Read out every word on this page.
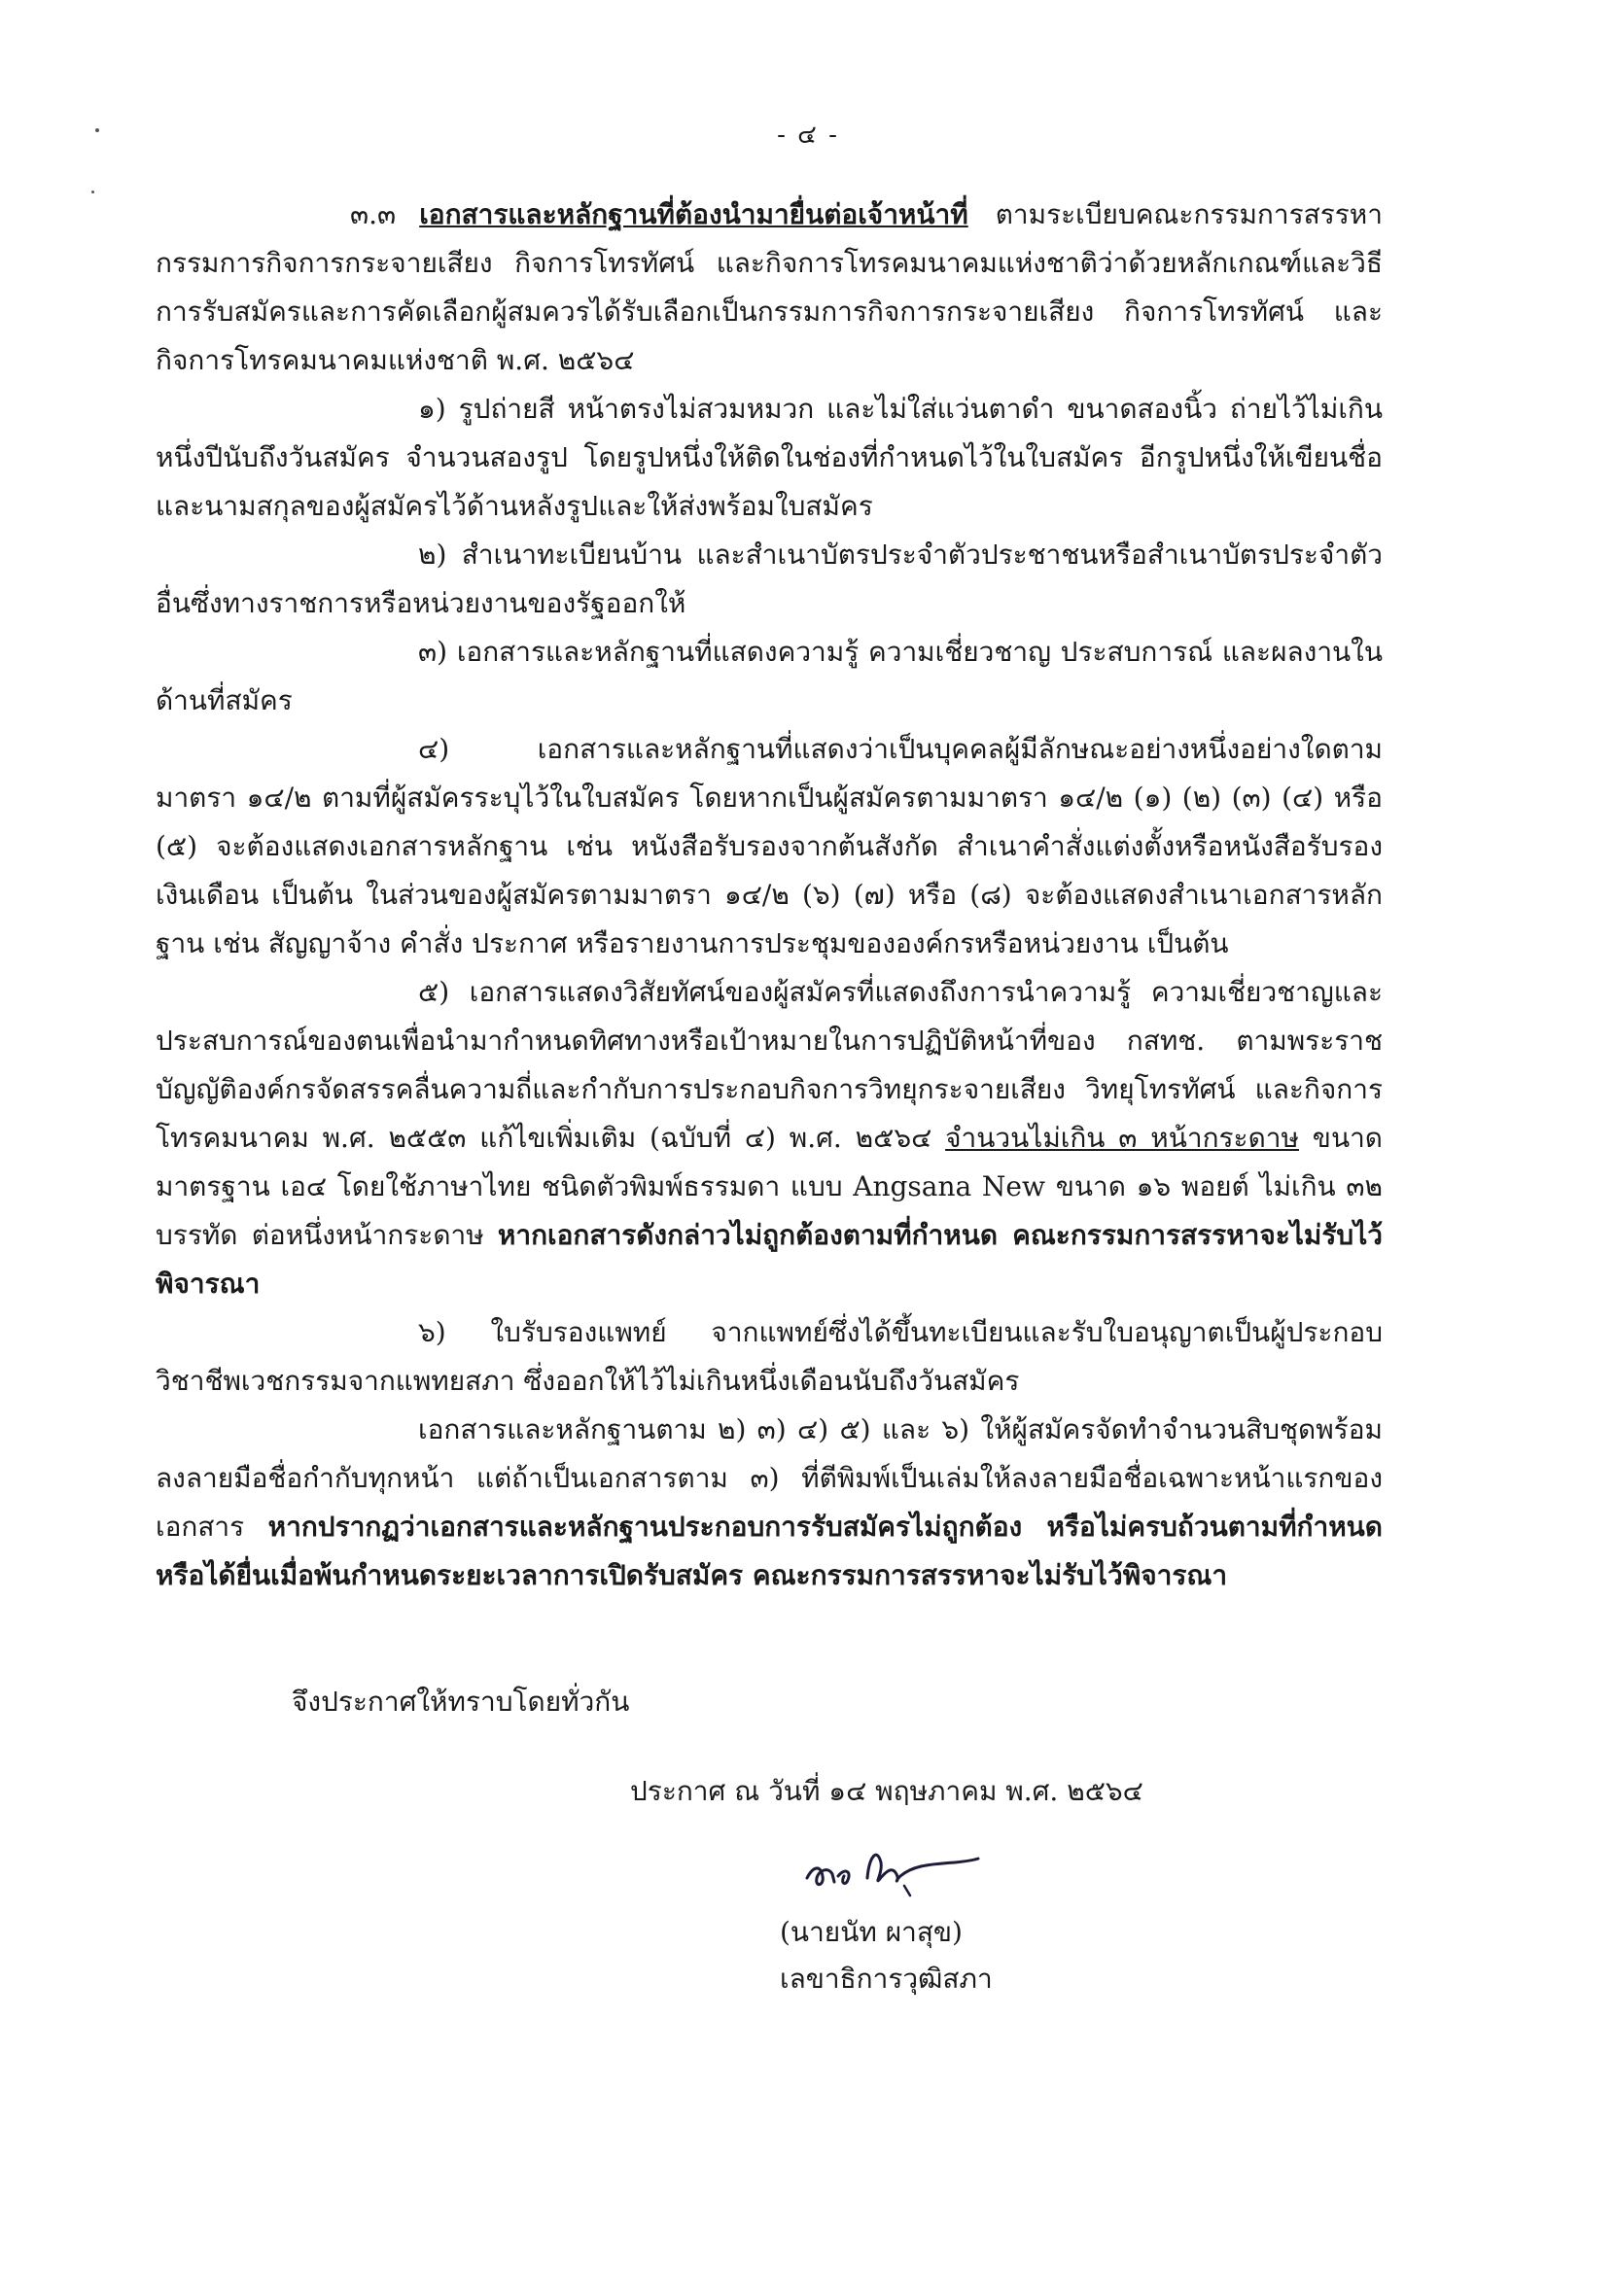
- ๔ -

๓.๓ เอกสารและหลักฐานที่ต้องนำมายื่นต่อเจ้าหน้าที่ ตามระเบียบคณะกรรมการสรรหากรรมการกิจการกระจายเสียง กิจการโทรทัศน์ และกิจการโทรคมนาคมแห่งชาติว่าด้วยหลักเกณฑ์และวิธีการรับสมัครและการคัดเลือกผู้สมควรได้รับเลือกเป็นกรรมการกิจการกระจายเสียง กิจการโทรทัศน์ และกิจการโทรคมนาคมแห่งชาติ พ.ศ. ๒๕๖๔

๑) รูปถ่ายสี หน้าตรงไม่สวมหมวก และไม่ใส่แว่นตาดำ ขนาดสองนิ้ว ถ่ายไว้ไม่เกินหนึ่งปีนับถึงวันสมัคร จำนวนสองรูป โดยรูปหนึ่งให้ติดในช่องที่กำหนดไว้ในใบสมัคร อีกรูปหนึ่งให้เขียนชื่อและนามสกุลของผู้สมัครไว้ด้านหลังรูปและให้ส่งพร้อมใบสมัคร

๒) สำเนาทะเบียนบ้าน และสำเนาบัตรประจำตัวประชาชนหรือสำเนาบัตรประจำตัวอื่นซึ่งทางราชการหรือหน่วยงานของรัฐออกให้

๓) เอกสารและหลักฐานที่แสดงความรู้ ความเชี่ยวชาญ ประสบการณ์ และผลงานในด้านที่สมัคร

๔) เอกสารและหลักฐานที่แสดงว่าเป็นบุคคลผู้มีลักษณะอย่างหนึ่งอย่างใดตามมาตรา ๑๔/๒ ตามที่ผู้สมัครระบุไว้ในใบสมัคร โดยหากเป็นผู้สมัครตามมาตรา ๑๔/๒ (๑) (๒) (๓) (๔) หรือ (๕) จะต้องแสดงเอกสารหลักฐาน เช่น หนังสือรับรองจากต้นสังกัด สำเนาคำสั่งแต่งตั้งหรือหนังสือรับรองเงินเดือน เป็นต้น ในส่วนของผู้สมัครตามมาตรา ๑๔/๒ (๖) (๗) หรือ (๘) จะต้องแสดงสำเนาเอกสารหลักฐาน เช่น สัญญาจ้าง คำสั่ง ประกาศ หรือรายงานการประชุมขององค์กรหรือหน่วยงาน เป็นต้น

๕) เอกสารแสดงวิสัยทัศน์ของผู้สมัครที่แสดงถึงการนำความรู้ ความเชี่ยวชาญและประสบการณ์ของตนเพื่อนำมากำหนดทิศทางหรือเป้าหมายในการปฏิบัติหน้าที่ของ กสทช. ตามพระราชบัญญัติองค์กรจัดสรรคลื่นความถี่และกำกับการประกอบกิจการวิทยุกระจายเสียง วิทยุโทรทัศน์ และกิจการโทรคมนาคม พ.ศ. ๒๕๕๓ แก้ไขเพิ่มเติม (ฉบับที่ ๔) พ.ศ. ๒๕๖๔ จำนวนไม่เกิน ๓ หน้ากระดาษ ขนาดมาตรฐาน เอ๔ โดยใช้ภาษาไทย ชนิดตัวพิมพ์ธรรมดา แบบ Angsana New ขนาด ๑๖ พอยต์ ไม่เกิน ๓๒ บรรทัด ต่อหนึ่งหน้ากระดาษ หากเอกสารดังกล่าวไม่ถูกต้องตามที่กำหนด คณะกรรมการสรรหาจะไม่รับไว้พิจารณา

๖) ใบรับรองแพทย์ จากแพทย์ซึ่งได้ขึ้นทะเบียนและรับใบอนุญาตเป็นผู้ประกอบวิชาชีพเวชกรรมจากแพทยสภา ซึ่งออกให้ไว้ไม่เกินหนึ่งเดือนนับถึงวันสมัคร

เอกสารและหลักฐานตาม ๒) ๓) ๔) ๕) และ ๖) ให้ผู้สมัครจัดทำจำนวนสิบชุดพร้อมลงลายมือชื่อกำกับทุกหน้า แต่ถ้าเป็นเอกสารตาม ๓) ที่ตีพิมพ์เป็นเล่มให้ลงลายมือชื่อเฉพาะหน้าแรกของเอกสาร หากปรากฏว่าเอกสารและหลักฐานประกอบการรับสมัครไม่ถูกต้อง หรือไม่ครบถ้วนตามที่กำหนด หรือได้ยื่นเมื่อพ้นกำหนดระยะเวลาการเปิดรับสมัคร คณะกรรมการสรรหาจะไม่รับไว้พิจารณา

จึงประกาศให้ทราบโดยทั่วกัน
ประกาศ ณ วันที่ ๑๔ พฤษภาคม พ.ศ. ๒๕๖๔
(นายนัท ผาสุข)
เลขาธิการวุฒิสภา
